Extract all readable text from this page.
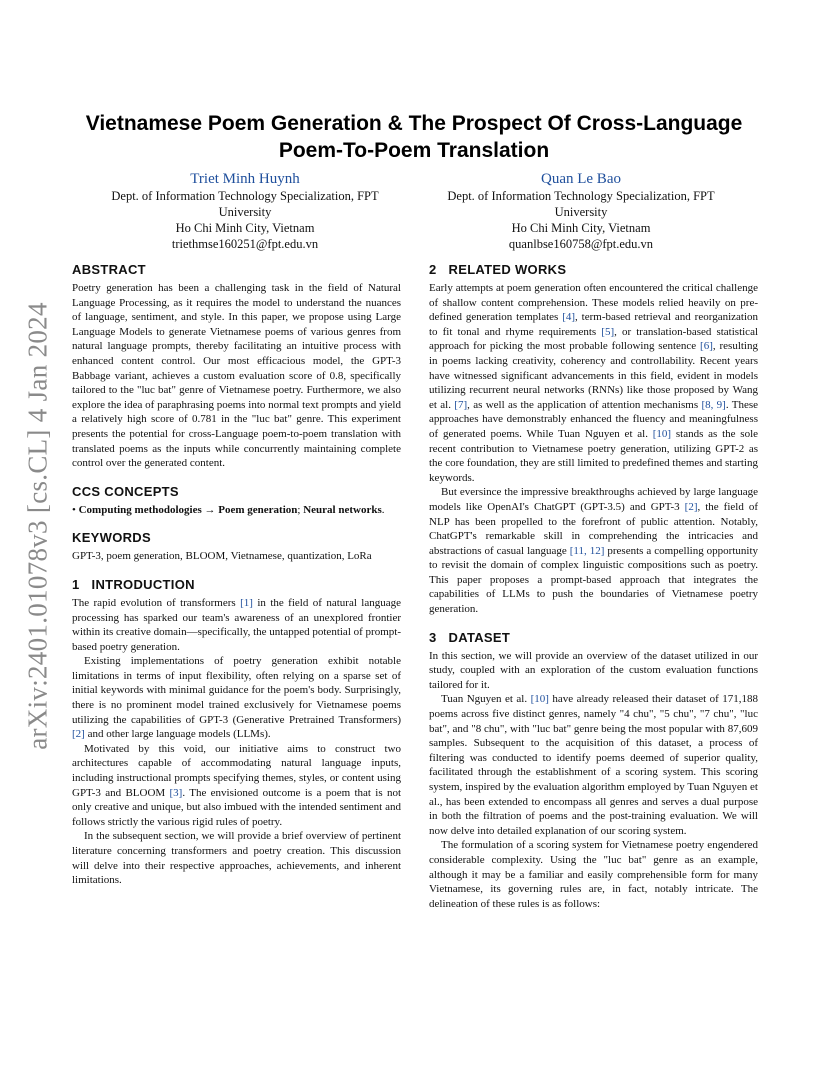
arXiv:2401.01078v3 [cs.CL] 4 Jan 2024
Vietnamese Poem Generation & The Prospect Of Cross-Language Poem-To-Poem Translation
Triet Minh Huynh
Dept. of Information Technology Specialization, FPT University
Ho Chi Minh City, Vietnam
triethmse160251@fpt.edu.vn
Quan Le Bao
Dept. of Information Technology Specialization, FPT University
Ho Chi Minh City, Vietnam
quanlbse160758@fpt.edu.vn
ABSTRACT

Poetry generation has been a challenging task in the field of Natural Language Processing, as it requires the model to understand the nuances of language, sentiment, and style. In this paper, we propose using Large Language Models to generate Vietnamese poems of various genres from natural language prompts, thereby facilitating an intuitive process with enhanced content control. Our most efficacious model, the GPT-3 Babbage variant, achieves a custom evaluation score of 0.8, specifically tailored to the "luc bat" genre of Vietnamese poetry. Furthermore, we also explore the idea of paraphrasing poems into normal text prompts and yield a relatively high score of 0.781 in the "luc bat" genre. This experiment presents the potential for cross-Language poem-to-poem translation with translated poems as the inputs while concurrently maintaining complete control over the generated content.

CCS CONCEPTS

• Computing methodologies → Poem generation; Neural networks.

KEYWORDS

GPT-3, poem generation, BLOOM, Vietnamese, quantization, LoRa

1 INTRODUCTION

The rapid evolution of transformers [1] in the field of natural language processing has sparked our team's awareness of an unexplored frontier within its creative domain—specifically, the untapped potential of prompt-based poetry generation.

Existing implementations of poetry generation exhibit notable limitations in terms of input flexibility, often relying on a sparse set of initial keywords with minimal guidance for the poem's body. Surprisingly, there is no prominent model trained exclusively for Vietnamese poems utilizing the capabilities of GPT-3 (Generative Pretrained Transformers) [2] and other large language models (LLMs).

Motivated by this void, our initiative aims to construct two architectures capable of accommodating natural language inputs, including instructional prompts specifying themes, styles, or content using GPT-3 and BLOOM [3]. The envisioned outcome is a poem that is not only creative and unique, but also imbued with the intended sentiment and follows strictly the various rigid rules of poetry.

In the subsequent section, we will provide a brief overview of pertinent literature concerning transformers and poetry creation. This discussion will delve into their respective approaches, achievements, and inherent limitations.

2 RELATED WORKS

Early attempts at poem generation often encountered the critical challenge of shallow content comprehension. These models relied heavily on pre-defined generation templates [4], term-based retrieval and reorganization to fit tonal and rhyme requirements [5], or translation-based statistical approach for picking the most probable following sentence [6], resulting in poems lacking creativity, coherency and controllability. Recent years have witnessed significant advancements in this field, evident in models utilizing recurrent neural networks (RNNs) like those proposed by Wang et al. [7], as well as the application of attention mechanisms [8, 9]. These approaches have demonstrably enhanced the fluency and meaningfulness of generated poems. While Tuan Nguyen et al. [10] stands as the sole recent contribution to Vietnamese poetry generation, utilizing GPT-2 as the core foundation, they are still limited to predefined themes and starting keywords.

But eversince the impressive breakthroughs achieved by large language models like OpenAI's ChatGPT (GPT-3.5) and GPT-3 [2], the field of NLP has been propelled to the forefront of public attention. Notably, ChatGPT's remarkable skill in comprehending the intricacies and abstractions of casual language [11, 12] presents a compelling opportunity to revisit the domain of complex linguistic compositions such as poetry. This paper proposes a prompt-based approach that integrates the capabilities of LLMs to push the boundaries of Vietnamese poetry generation.

3 DATASET

In this section, we will provide an overview of the dataset utilized in our study, coupled with an exploration of the custom evaluation functions tailored for it.

Tuan Nguyen et al. [10] have already released their dataset of 171,188 poems across five distinct genres, namely "4 chu", "5 chu", "7 chu", "luc bat", and "8 chu", with "luc bat" genre being the most popular with 87,609 samples. Subsequent to the acquisition of this dataset, a process of filtering was conducted to identify poems deemed of superior quality, facilitated through the establishment of a scoring system. This scoring system, inspired by the evaluation algorithm employed by Tuan Nguyen et al., has been extended to encompass all genres and serves a dual purpose in both the filtration of poems and the post-training evaluation. We will now delve into detailed explanation of our scoring system.

The formulation of a scoring system for Vietnamese poetry engendered considerable complexity. Using the "luc bat" genre as an example, although it may be a familiar and easily comprehensible form for many Vietnamese, its governing rules are, in fact, notably intricate. The delineation of these rules is as follows:
